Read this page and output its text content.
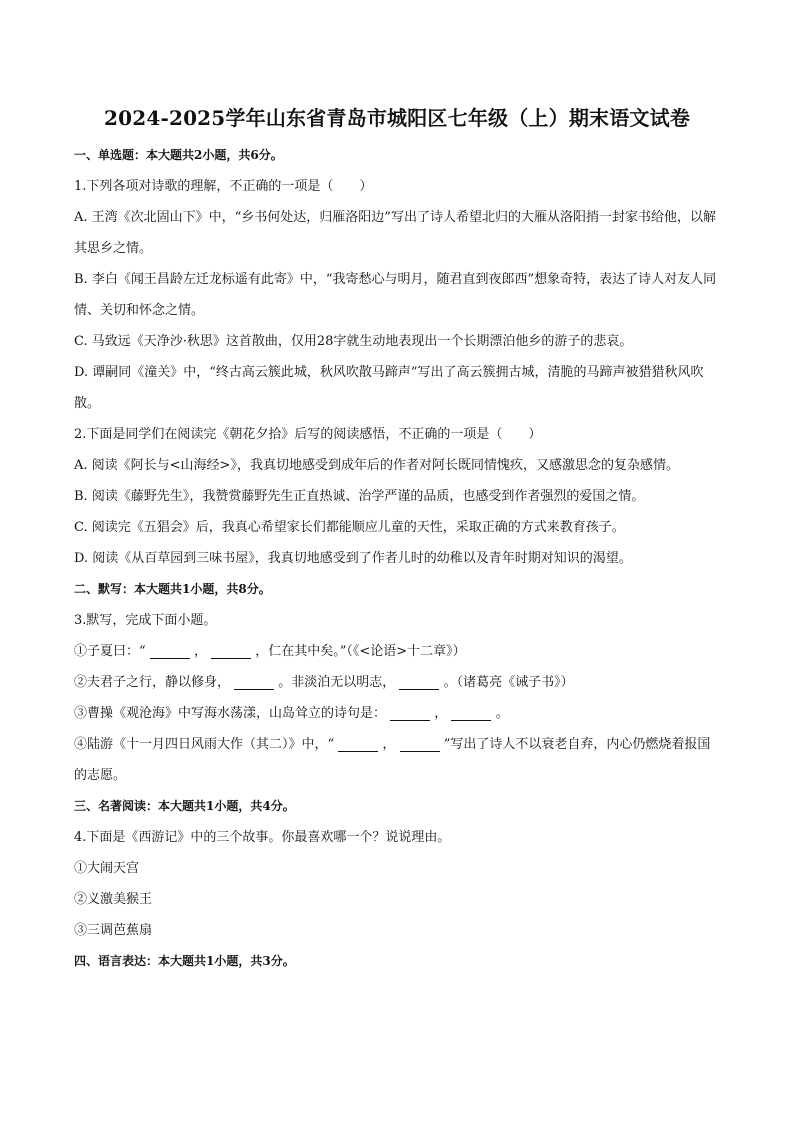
2024-2025学年山东省青岛市城阳区七年级（上）期末语文试卷
一、单选题：本大题共2小题，共6分。
1.下列各项对诗歌的理解，不正确的一项是（　　）
A. 王湾《次北固山下》中，“乡书何处达，归雁洛阳边”写出了诗人希望北归的大雁从洛阳捎一封家书给他，以解其思乡之情。
B. 李白《闻王昌龄左迁龙标遥有此寄》中，“我寄愁心与明月，随君直到夜郎西”想象奇特，表达了诗人对友人同情、关切和怀念之情。
C. 马致远《天净沙·秋思》这首散曲，仅用28字就生动地表现出一个长期漂泊他乡的游子的悲哀。
D. 谭嗣同《潼关》中，“终古高云簇此城，秋风吹散马蹄声”写出了高云簇拥古城，清脆的马蹄声被猎猎秋风吹散。
2.下面是同学们在阅读完《朝花夕拾》后写的阅读感悟，不正确的一项是（　　）
A. 阅读《阿长与<山海经>》，我真切地感受到成年后的作者对阿长既同情愧疚，又感激思念的复杂感情。
B. 阅读《藤野先生》，我赞赏藤野先生正直热诚、治学严谨的品质，也感受到作者强烈的爱国之情。
C. 阅读完《五猖会》后，我真心希望家长们都能顺应儿童的天性，采取正确的方式来教育孩子。
D. 阅读《从百草园到三味书屋》，我真切地感受到了作者儿时的幼稚以及青年时期对知识的渴望。
二、默写：本大题共1小题，共8分。
3.默写，完成下面小题。
①子夏曰：“	，	，仁在其中矣。”（《<论语>十二章》）
②夫君子之行，静以修身，	。非淡泊无以明志，	。（诸葛亮《诫子书》）
③曹操《观沧海》中写海水荡漾，山岛耸立的诗句是：	，	。
④陆游《十一月四日风雨大作（其二）》中，“	，	”写出了诗人不以衰老自弃，内心仍燃烧着报国的志愿。
三、名著阅读：本大题共1小题，共4分。
4.下面是《西游记》中的三个故事。你最喜欢哪一个？说说理由。
①大闹天宫
②义激美猴王
③三调芭蕉扇
四、语言表达：本大题共1小题，共3分。
